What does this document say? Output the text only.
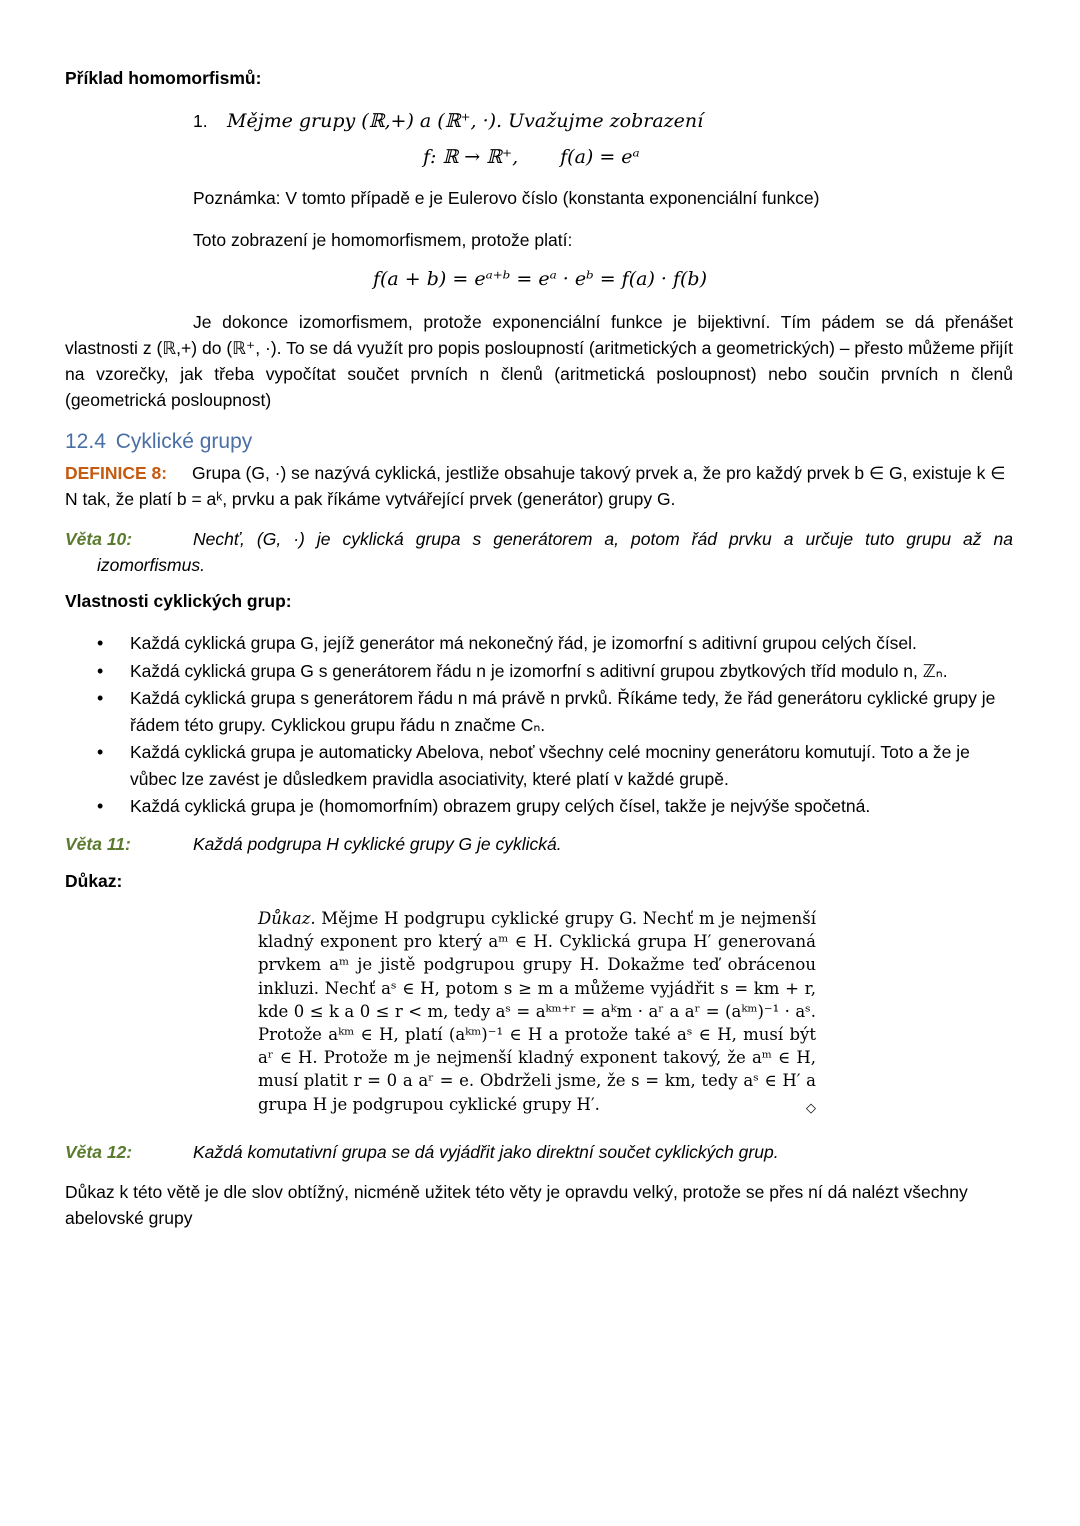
Příklad homomorfismů:
1. Mějme grupy (ℝ,+) a (ℝ⁺, ·). Uvažujme zobrazení
f: ℝ → ℝ⁺, f(a) = eᵃ
Poznámka: V tomto případě e je Eulerovo číslo (konstanta exponenciální funkce)
Toto zobrazení je homomorfismem, protože platí:
f(a + b) = eᵃ⁺ᵇ = eᵃ · eᵇ = f(a) · f(b)
Je dokonce izomorfismem, protože exponenciální funkce je bijektivní. Tím pádem se dá přenášet
vlastnosti z (ℝ,+) do (ℝ⁺, ·). To se dá využít pro popis posloupností (aritmetických a geometrických) – přesto můžeme přijít na vzorečky, jak třeba vypočítat součet prvních n členů (aritmetická posloupnost) nebo součin prvních n členů (geometrická posloupnost)
12.4 Cyklické grupy
DEFINICE 8: Grupa (G, ·) se nazývá cyklická, jestliže obsahuje takový prvek a, že pro každý prvek b ∈ G, existuje k ∈
N tak, že platí b = aᵏ, prvku a pak říkáme vytvářející prvek (generátor) grupy G.
Věta 10:	Nechť, (G, ·) je cyklická grupa s generátorem a, potom řád prvku a určuje tuto grupu až na
izomorfismus.
Vlastnosti cyklických grup:
• Každá cyklická grupa G, jejíž generátor má nekonečný řád, je izomorfní s aditivní grupou celých čísel.
• Každá cyklická grupa G s generátorem řádu n je izomorfní s aditivní grupou zbytkových tříd modulo n, ℤₙ.
• Každá cyklická grupa s generátorem řádu n má právě n prvků. Říkáme tedy, že řád generátoru cyklické grupy je řádem této grupy. Cyklickou grupu řádu n značme Cₙ.
• Každá cyklická grupa je automaticky Abelova, neboť všechny celé mocniny generátoru komutují. Toto a že je vůbec lze zavést je důsledkem pravidla asociativity, které platí v každé grupě.
• Každá cyklická grupa je (homomorfním) obrazem grupy celých čísel, takže je nejvýše spočetná.
Věta 11:	Každá podgrupa H cyklické grupy G je cyklická.
Důkaz:
Důkaz. Mějme H podgrupu cyklické grupy G. Nechť m je nejmenší kladný exponent pro který aᵐ ∈ H. Cyklická grupa H′ generovaná prvkem aᵐ je jistě podgrupou grupy H. Dokažme teď obrácenou inkluzi. Nechť aˢ ∈ H, potom s ≥ m a můžeme vyjádřit s = km + r, kde 0 ≤ k a 0 ≤ r < m, tedy aˢ = aᵏᵐ⁺ʳ = aᵏm · aʳ a aʳ = (aᵏᵐ)⁻¹ · aˢ. Protože aᵏᵐ ∈ H, platí (aᵏᵐ)⁻¹ ∈ H a protože také aˢ ∈ H, musí být aʳ ∈ H. Protože m je nejmenší kladný exponent takový, že aᵐ ∈ H, musí platit r = 0 a aʳ = e. Obdrželi jsme, že s = km, tedy aˢ ∈ H′ a grupa H je podgrupou cyklické grupy H′.	◇
Věta 12:	Každá komutativní grupa se dá vyjádřit jako direktní součet cyklických grup.
Důkaz k této větě je dle slov obtížný, nicméně užitek této věty je opravdu velký, protože se přes ní dá nalézt všechny abelovské grupy
